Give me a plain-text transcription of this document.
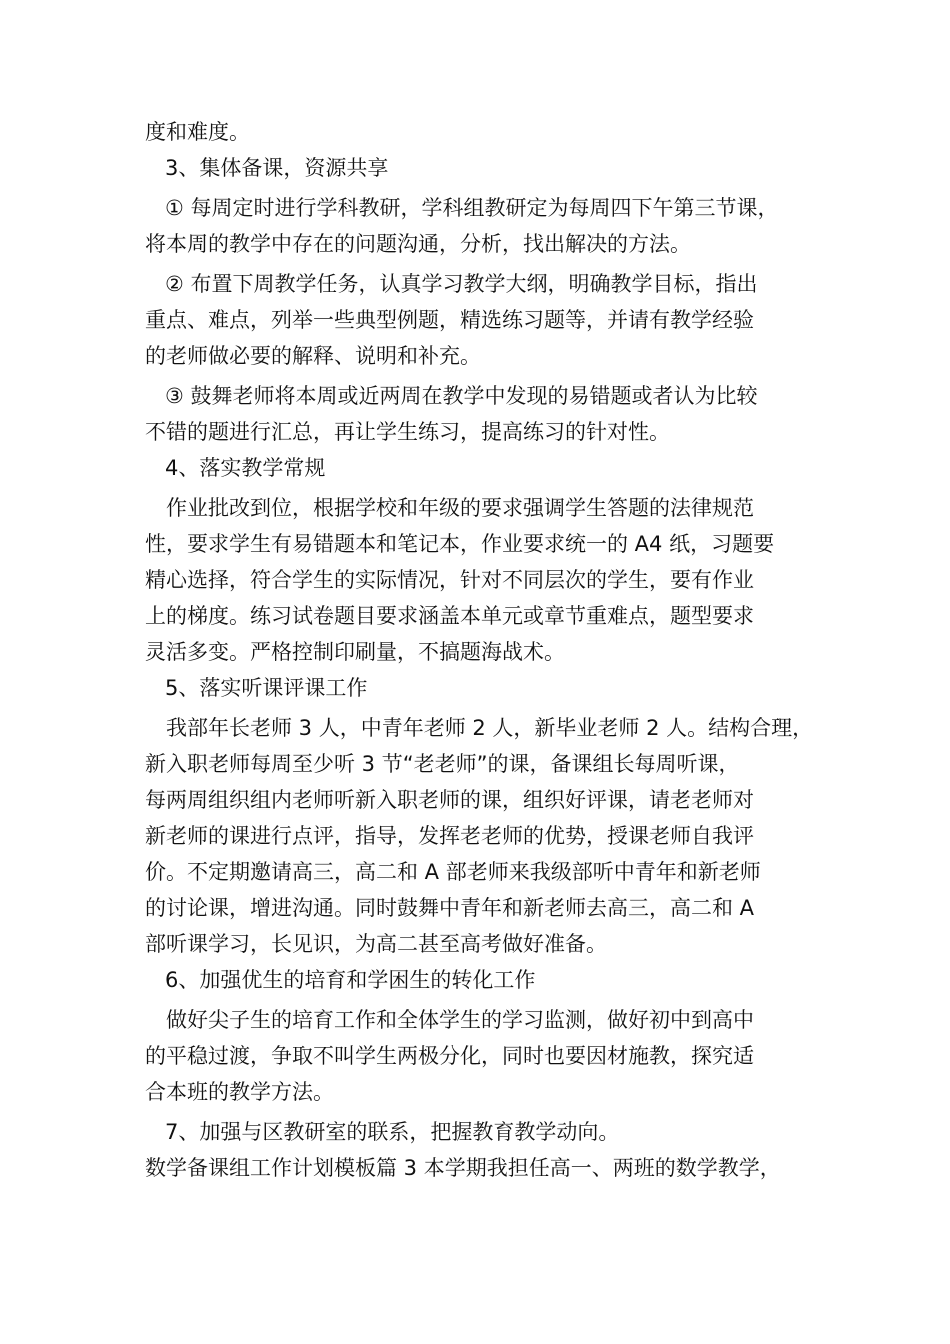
度和难度。
3、集体备课，资源共享
① 每周定时进行学科教研，学科组教研定为每周四下午第三节课，
将本周的教学中存在的问题沟通，分析，找出解决的方法。
② 布置下周教学任务，认真学习教学大纲，明确教学目标，指出
重点、难点，列举一些典型例题，精选练习题等，并请有教学经验
的老师做必要的解释、说明和补充。
③ 鼓舞老师将本周或近两周在教学中发现的易错题或者认为比较
不错的题进行汇总，再让学生练习，提高练习的针对性。
4、落实教学常规
作业批改到位，根据学校和年级的要求强调学生答题的法律规范
性，要求学生有易错题本和笔记本，作业要求统一的 A4 纸，习题要
精心选择，符合学生的实际情况，针对不同层次的学生，要有作业
上的梯度。练习试卷题目要求涵盖本单元或章节重难点，题型要求
灵活多变。严格控制印刷量，不搞题海战术。
5、落实听课评课工作
我部年长老师 3 人，中青年老师 2 人，新毕业老师 2 人。结构合理，
新入职老师每周至少听 3 节“老老师”的课，备课组长每周听课，
每两周组织组内老师听新入职老师的课，组织好评课，请老老师对
新老师的课进行点评，指导，发挥老老师的优势，授课老师自我评
价。不定期邀请高三，高二和 A 部老师来我级部听中青年和新老师
的讨论课，增进沟通。同时鼓舞中青年和新老师去高三，高二和 A
部听课学习，长见识，为高二甚至高考做好准备。
6、加强优生的培育和学困生的转化工作
做好尖子生的培育工作和全体学生的学习监测，做好初中到高中
的平稳过渡，争取不叫学生两极分化，同时也要因材施教，探究适
合本班的教学方法。
7、加强与区教研室的联系，把握教育教学动向。
数学备课组工作计划模板篇 3 本学期我担任高一、两班的数学教学，
